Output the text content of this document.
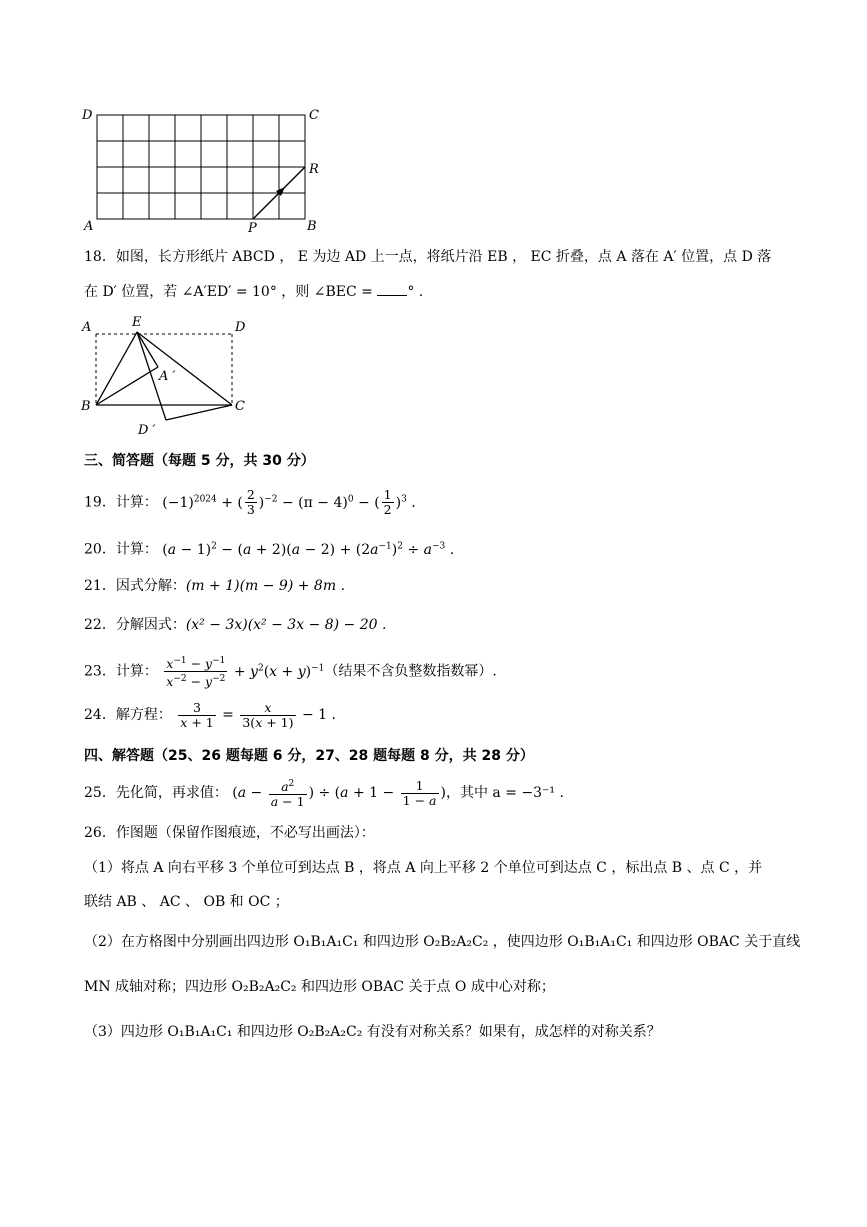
D	C
R
A	P	B
18．如图，长方形纸片 ABCD ， E 为边 AD 上一点，将纸片沿 EB ， EC 折叠，点 A 落在 A′ 位置，点 D 落
在 D′ 位置，若 ∠A′ED′ = 10° ，则 ∠BEC = ° .
A	E	D
A ′
B	C
D ′
三、简答题（每题 5 分，共 30 分）
19．计算： $(-1)^{2024}$ + ( $\frac{2}{3} )^{-2} - (\pi - 4)^0$ − ( $\frac{1}{2} )^3$ .
20．计算： $(a - 1)^2 - (a + 2)(a - 2) + (2a^{-1})^2 \div a^{-3}$ .
21．因式分解：(m + 1)(m − 9) + 8m .
22．分解因式：(x² − 3x)(x² − 3x − 8) − 20 .
23．计算： $\frac{x^{-1} - y^{-1}}{x^{-2} - y^{-2}} + y^2(x + y)^{-1}$（结果不含负整数指数幂）.
24．解方程： $\frac{3}{x + 1} = \frac{x}{3(x + 1)} - 1$ .
四、解答题（25、26 题每题 6 分，27、28 题每题 8 分，共 28 分）
25．先化简，再求值： ($a - \frac{a^2}{a - 1}$ ) ÷ ($a + 1 - \frac{1}{1 - a}$ )，其中 a = −3⁻¹ .
26．作图题（保留作图痕迹，不必写出画法）：
（1）将点 A 向右平移 3 个单位可到达点 B ，将点 A 向上平移 2 个单位可到达点 C ，标出点 B 、点 C ，并
联结 AB 、 AC 、 OB 和 OC ；
（2）在方格图中分别画出四边形 O₁B₁A₁C₁ 和四边形 O₂B₂A₂C₂ ，使四边形 O₁B₁A₁C₁ 和四边形 OBAC 关于直线
MN 成轴对称；四边形 O₂B₂A₂C₂ 和四边形 OBAC 关于点 O 成中心对称；
（3）四边形 O₁B₁A₁C₁ 和四边形 O₂B₂A₂C₂ 有没有对称关系？如果有，成怎样的对称关系？
